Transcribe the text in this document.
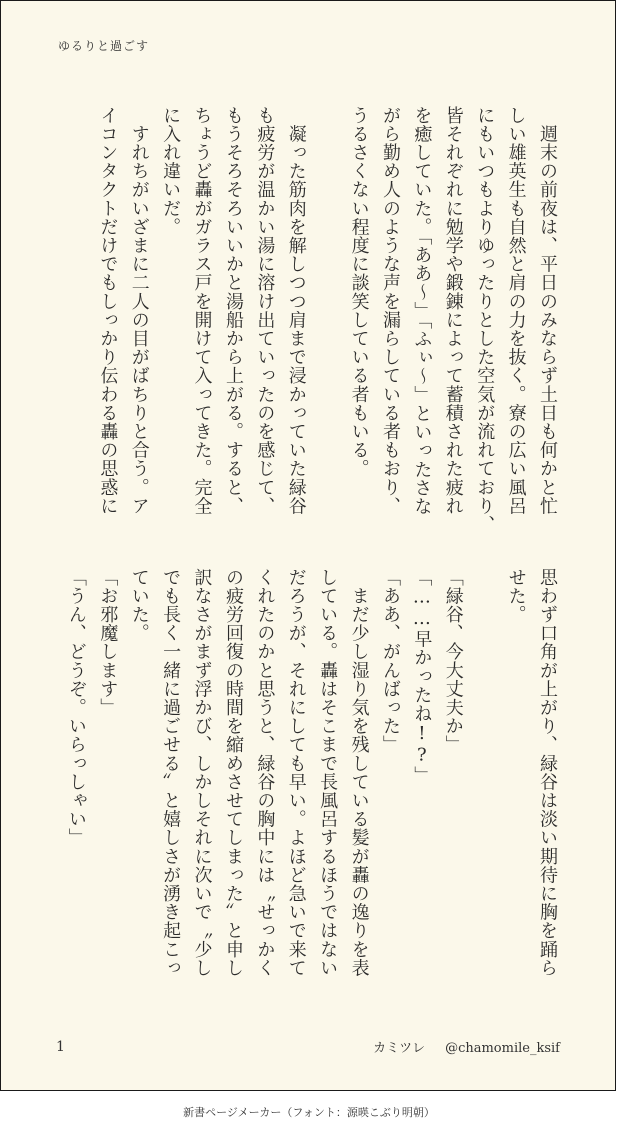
ゆるりと過ごす
　週末の前夜は、平日のみならず土日も何かと忙
しい雄英生も自然と肩の力を抜く。寮の広い風呂
にもいつもよりゆったりとした空気が流れており、
皆それぞれに勉学や鍛錬によって蓄積された疲れ
を癒していた。「ああ〜」「ふぃ〜」といったさな
がら勤め人のような声を漏らしている者もおり、
うるさくない程度に談笑している者もいる。

　凝った筋肉を解しつつ肩まで浸かっていた緑谷
も疲労が温かい湯に溶け出ていったのを感じて、
もうそろそろいいかと湯船から上がる。すると、
ちょうど轟がガラス戸を開けて入ってきた。完全
に入れ違いだ。
　すれちがいざまに二人の目がばちりと合う。ア
イコンタクトだけでもしっかり伝わる轟の思惑に
思わず口角が上がり、緑谷は淡い期待に胸を踊ら
せた。

「緑谷、今大丈夫か」
「……早かったね!?」
「ああ、がんばった」
　まだ少し湿り気を残している髪が轟の逸りを表
している。轟はそこまで長風呂するほうではない
だろうが、それにしても早い。よほど急いで来て
くれたのかと思うと、緑谷の胸中には〝せっかく
の疲労回復の時間を縮めさせてしまった〟と申し
訳なさがまず浮かび、しかしそれに次いで〝少し
でも長く一緒に過ごせる〟と嬉しさが湧き起こっ
ていた。
「お邪魔します」
「うん、どうぞ。いらっしゃい」
1	カミツレ @chamomile_ksif
新書ページメーカー（フォント：源暎こぶり明朝）
